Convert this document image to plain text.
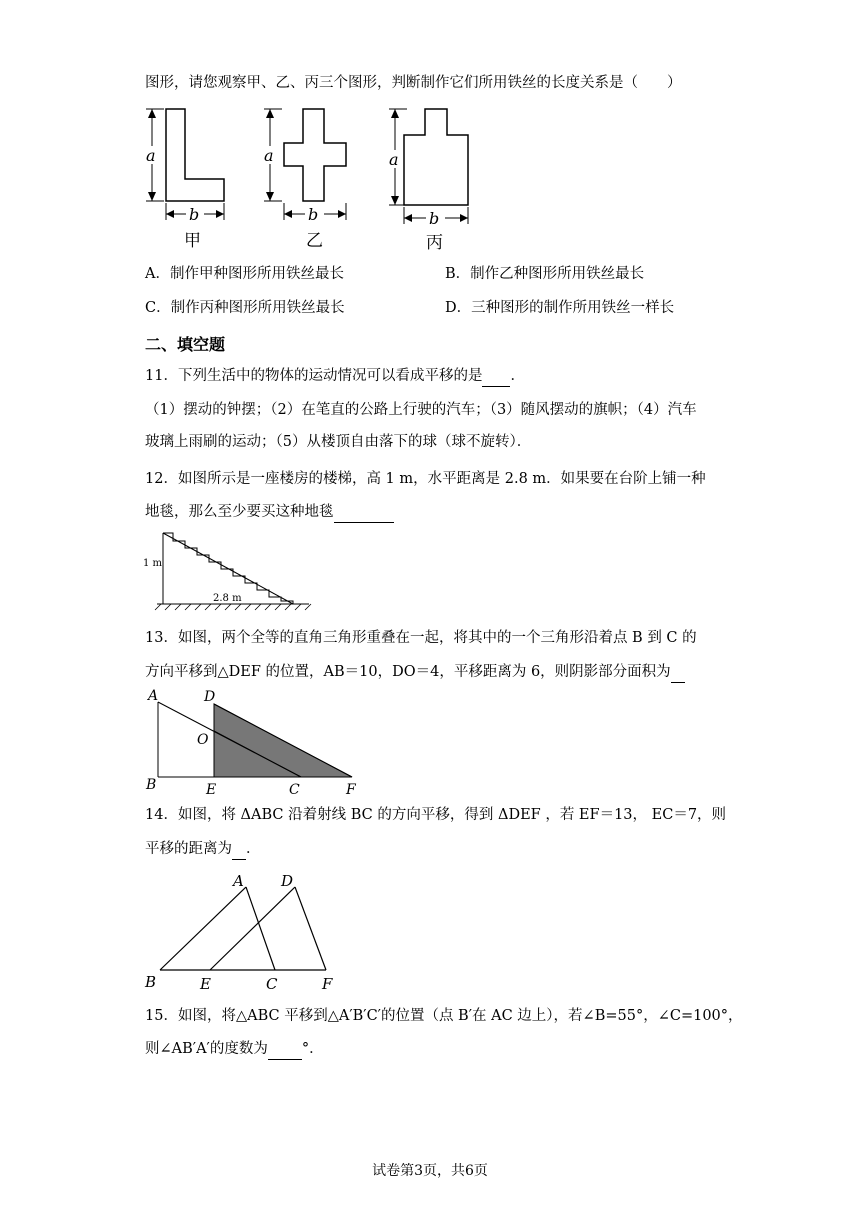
图形，请您观察甲、乙、丙三个图形，判断制作它们所用铁丝的长度关系是（　　）
a
b
甲
a
b
乙
a
b
丙
A．制作甲种图形所用铁丝最长	B．制作乙种图形所用铁丝最长
C．制作丙种图形所用铁丝最长	D．三种图形的制作所用铁丝一样长
二、填空题
11．下列生活中的物体的运动情况可以看成平移的是 ．
（1）摆动的钟摆；（2）在笔直的公路上行驶的汽车；（3）随风摆动的旗帜；（4）汽车
玻璃上雨刷的运动；（5）从楼顶自由落下的球（球不旋转）．
12．如图所示是一座楼房的楼梯，高 1 m，水平距离是 2.8 m．如果要在台阶上铺一种
地毯，那么至少要买这种地毯
1 m
2.8 m
13．如图，两个全等的直角三角形重叠在一起，将其中的一个三角形沿着点 B 到 C 的
方向平移到△DEF 的位置，AB＝10，DO＝4，平移距离为 6，则阴影部分面积为
A	D
O
B	E	C	F
14．如图，将 ΔABC 沿着射线 BC 的方向平移，得到 ΔDEF ，若 EF＝13， EC＝7，则
平移的距离为 ．
A D
B	E	C	F
15．如图，将△ABC 平移到△A′B′C′的位置（点 B′在 AC 边上），若∠B=55°，∠C=100°，
则∠AB′A′的度数为 °．
试卷第3页，共6页
